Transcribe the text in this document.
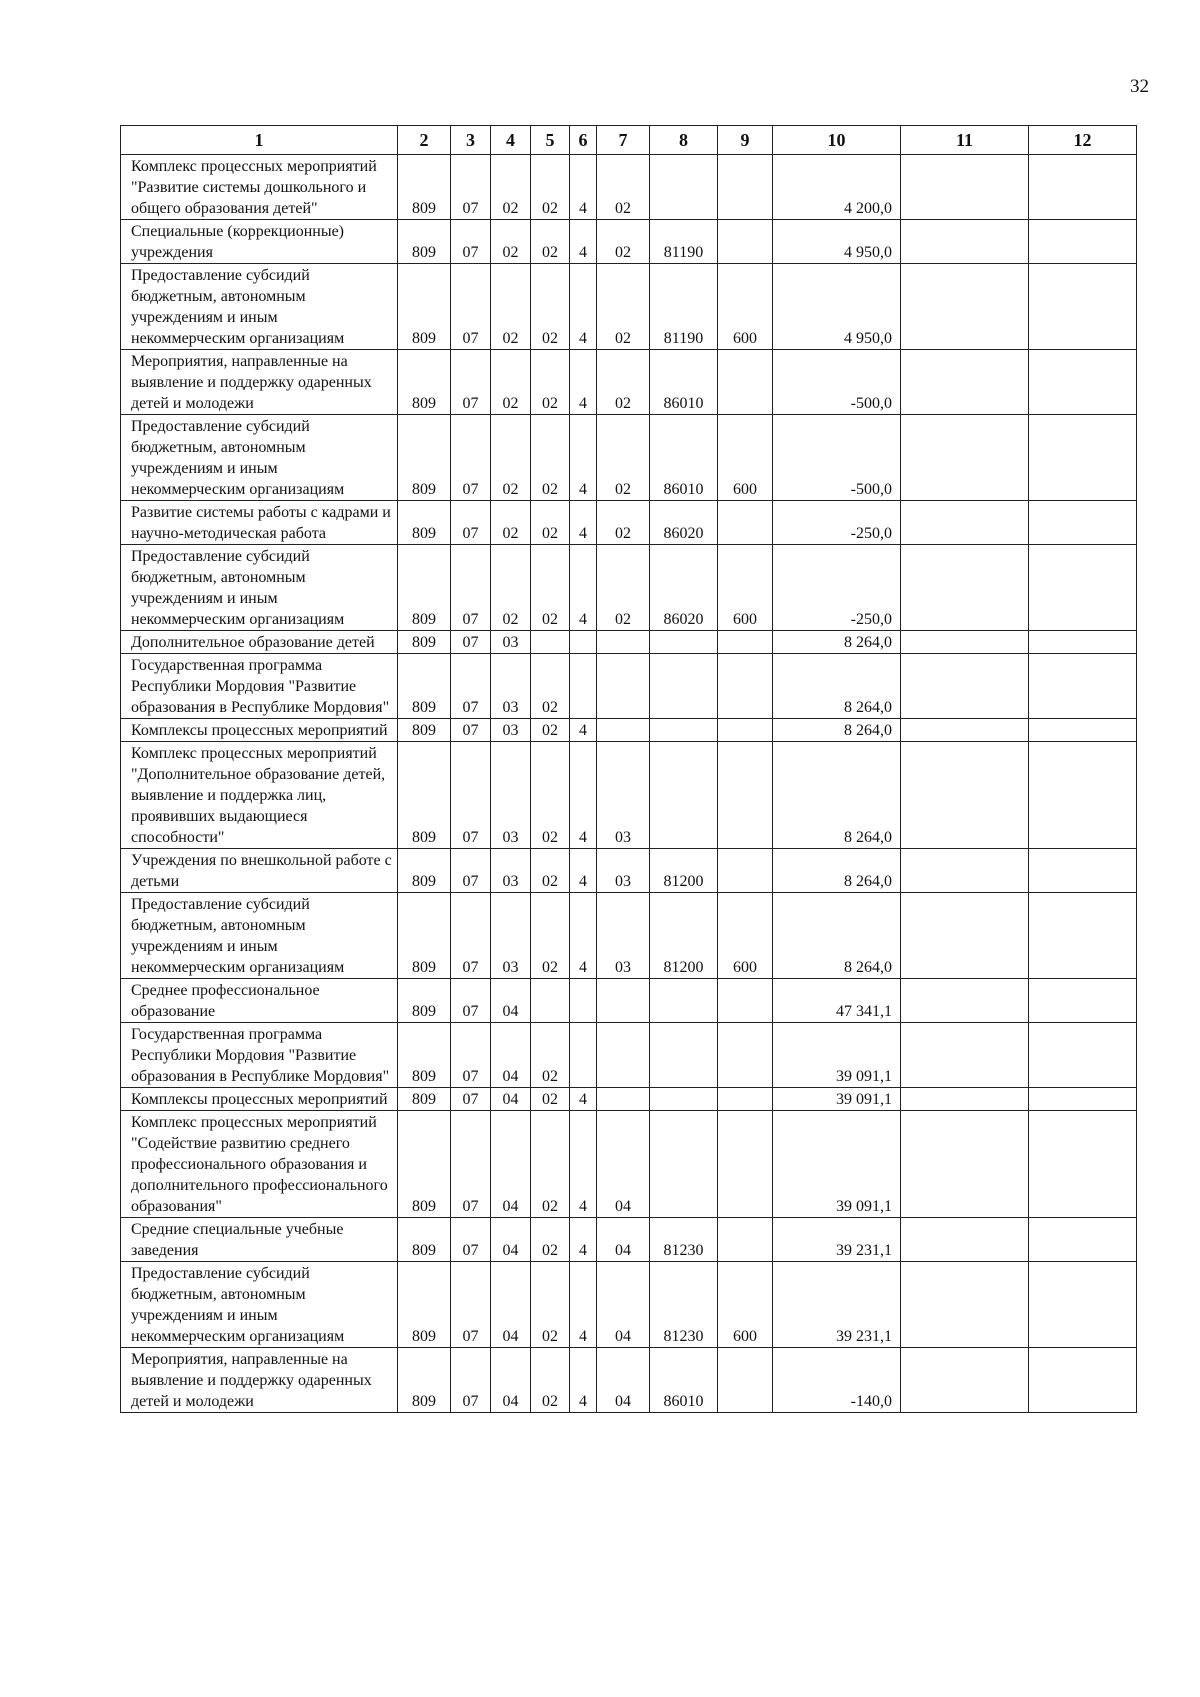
32
1	2	3	4	5	6	7	8	9	10	11	12
Комплекс процессных мероприятий "Развитие системы дошкольного и общего образования детей"	809	07	02	02	4	02			4 200,0		
Специальные (коррекционные) учреждения	809	07	02	02	4	02	81190		4 950,0		
Предоставление субсидий бюджетным, автономным учреждениям и иным некоммерческим организациям	809	07	02	02	4	02	81190	600	4 950,0		
Мероприятия, направленные на выявление и поддержку одаренных детей и молодежи	809	07	02	02	4	02	86010		-500,0		
Предоставление субсидий бюджетным, автономным учреждениям и иным некоммерческим организациям	809	07	02	02	4	02	86010	600	-500,0		
Развитие системы работы с кадрами и научно-методическая работа	809	07	02	02	4	02	86020		-250,0		
Предоставление субсидий бюджетным, автономным учреждениям и иным некоммерческим организациям	809	07	02	02	4	02	86020	600	-250,0		
Дополнительное образование детей	809	07	03						8 264,0		
Государственная программа Республики Мордовия "Развитие образования в Республике Мордовия"	809	07	03	02					8 264,0		
Комплексы процессных мероприятий	809	07	03	02	4				8 264,0		
Комплекс процессных мероприятий "Дополнительное образование детей, выявление и поддержка лиц, проявивших выдающиеся способности"	809	07	03	02	4	03			8 264,0		
Учреждения по внешкольной работе с детьми	809	07	03	02	4	03	81200		8 264,0		
Предоставление субсидий бюджетным, автономным учреждениям и иным некоммерческим организациям	809	07	03	02	4	03	81200	600	8 264,0		
Среднее профессиональное образование	809	07	04						47 341,1		
Государственная программа Республики Мордовия "Развитие образования в Республике Мордовия"	809	07	04	02					39 091,1		
Комплексы процессных мероприятий	809	07	04	02	4				39 091,1		
Комплекс процессных мероприятий "Содействие развитию среднего профессионального образования и дополнительного профессионального образования"	809	07	04	02	4	04			39 091,1		
Средние специальные учебные заведения	809	07	04	02	4	04	81230		39 231,1		
Предоставление субсидий бюджетным, автономным учреждениям и иным некоммерческим организациям	809	07	04	02	4	04	81230	600	39 231,1		
Мероприятия, направленные на выявление и поддержку одаренных детей и молодежи	809	07	04	02	4	04	86010		-140,0		
